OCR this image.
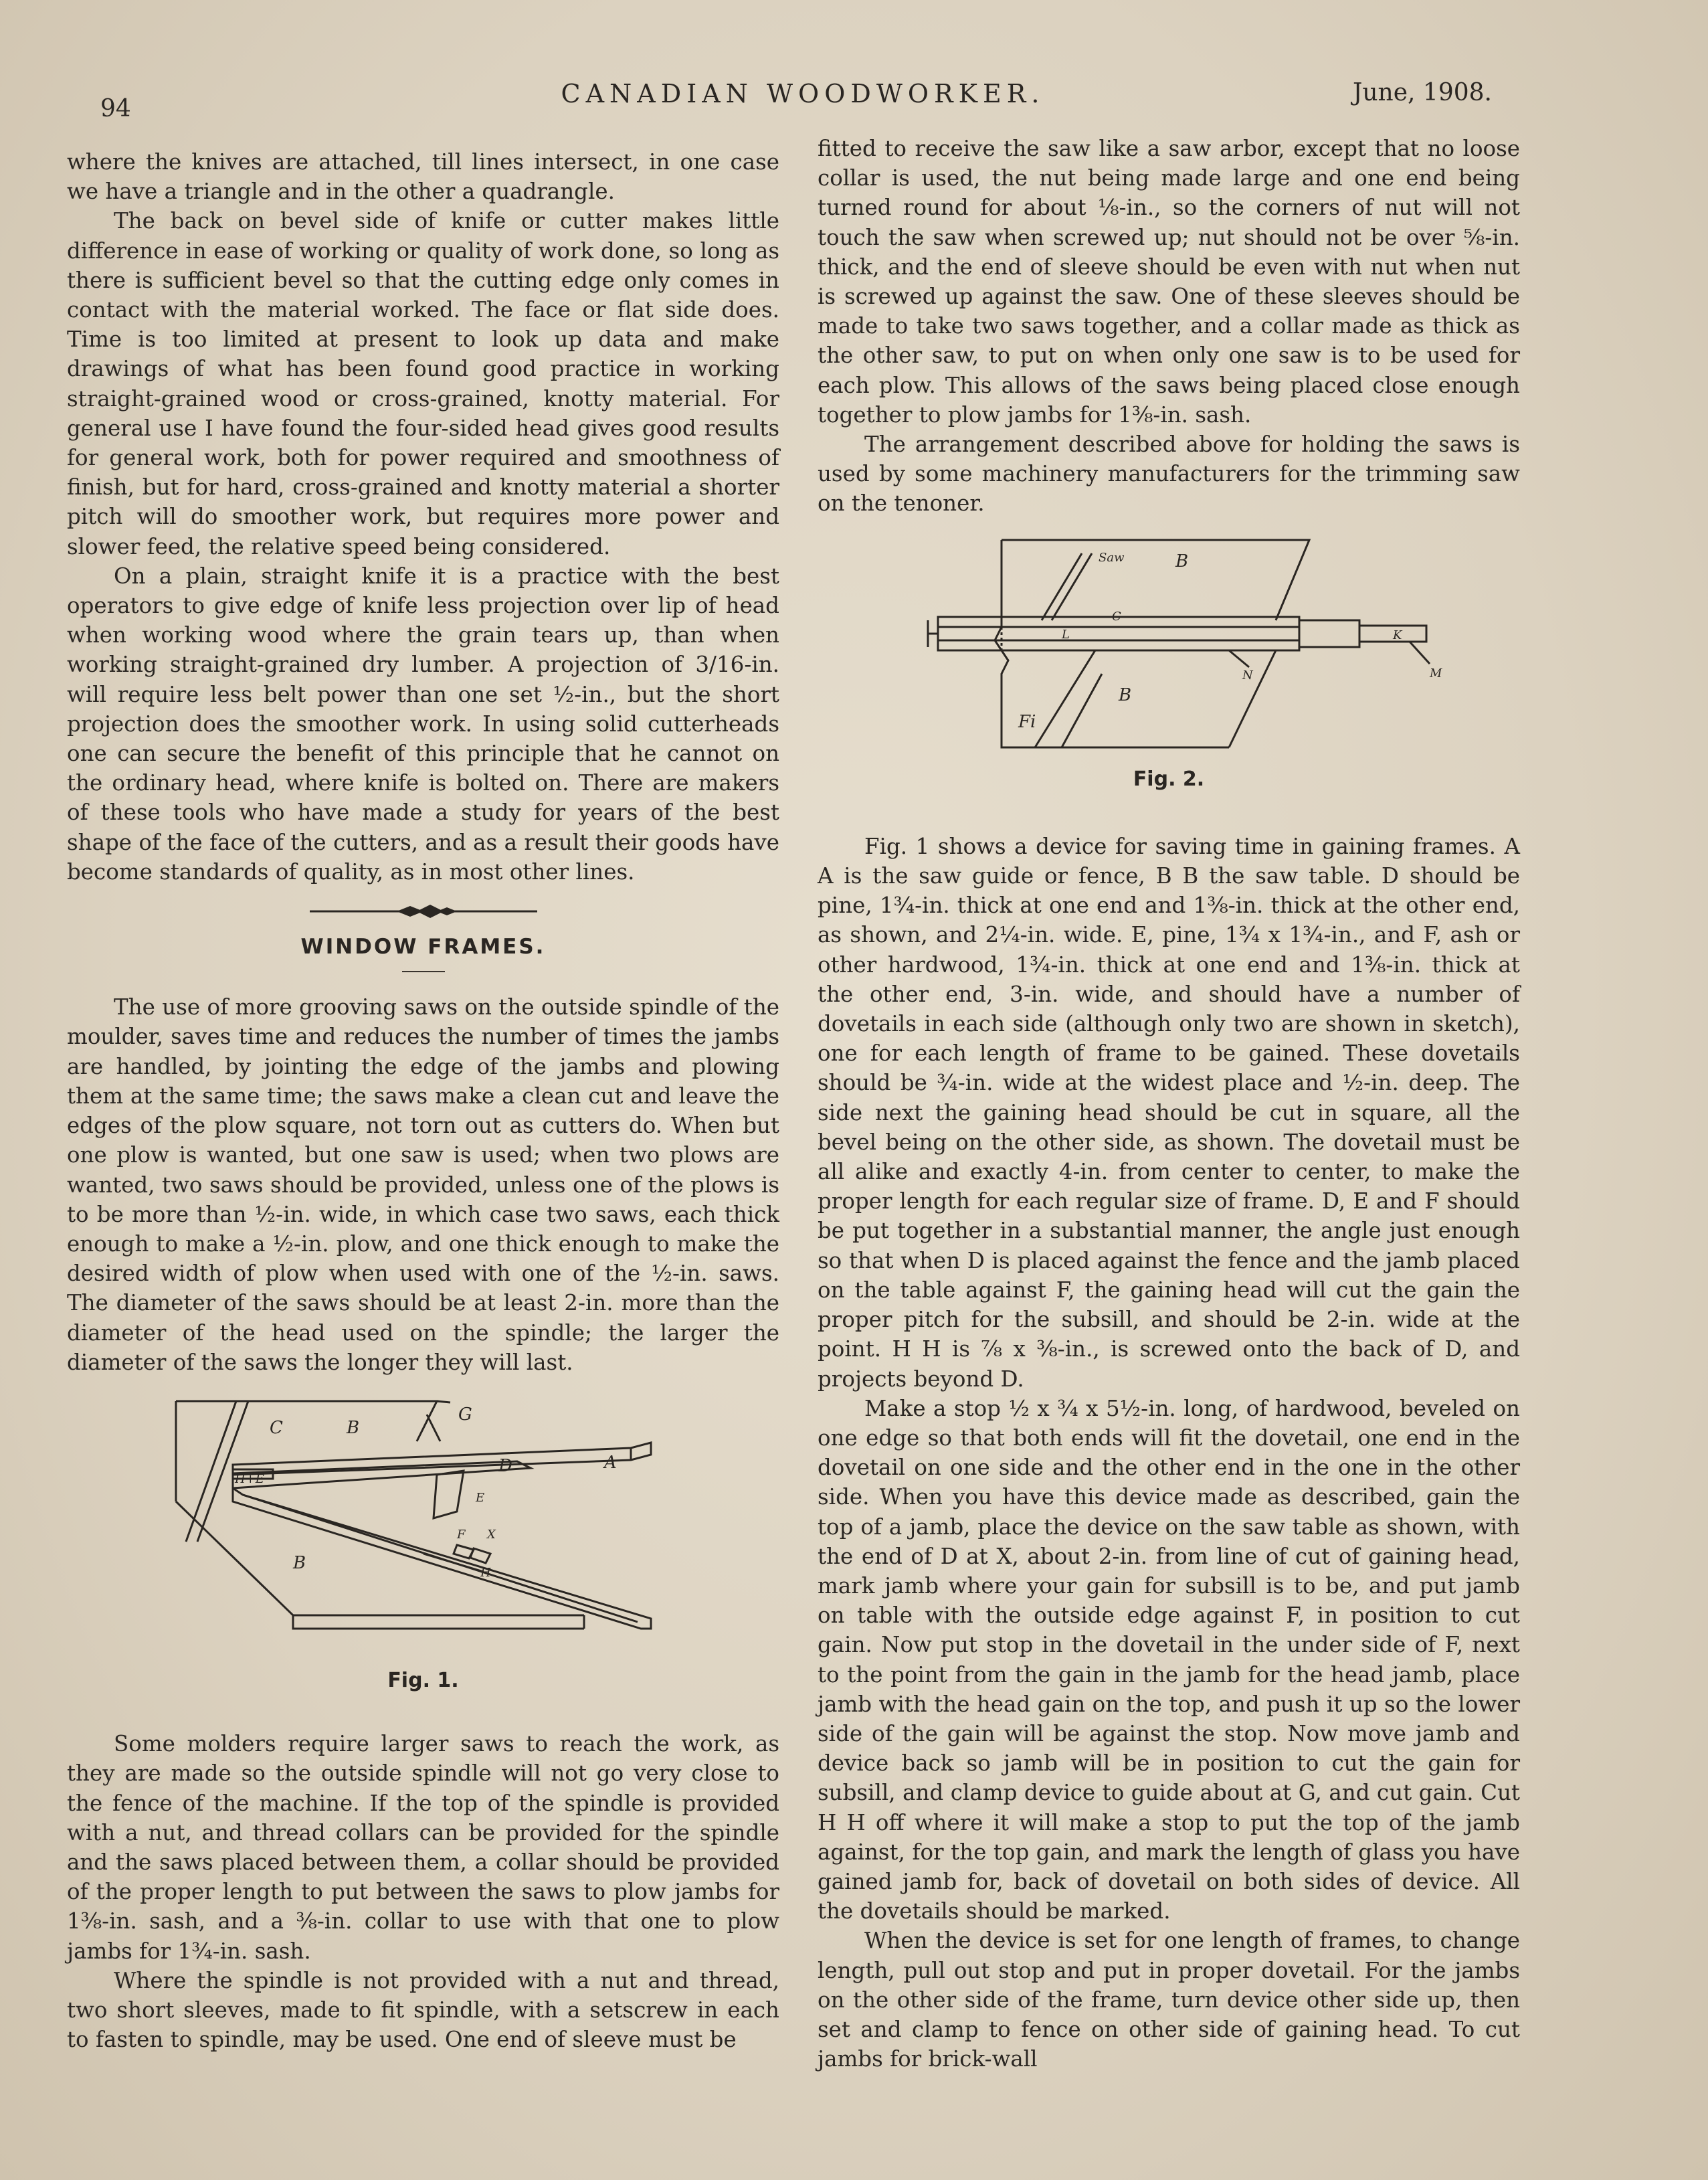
94
CANADIAN WOODWORKER.	June, 1908.

where the knives are attached, till lines intersect, in one case we have a triangle and in the other a quadrangle.

The back on bevel side of knife or cutter makes little difference in ease of working or quality of work done, so long as there is sufficient bevel so that the cutting edge only comes in contact with the material worked. The face or flat side does. Time is too limited at present to look up data and make drawings of what has been found good practice in working straight-grained wood or cross-grained, knotty material. For general use I have found the four-sided head gives good results for general work, both for power required and smoothness of finish, but for hard, cross-grained and knotty material a shorter pitch will do smoother work, but requires more power and slower feed, the relative speed being considered.

On a plain, straight knife it is a practice with the best operators to give edge of knife less projection over lip of head when working wood where the grain tears up, than when working straight-grained dry lumber. A projection of 3/16-in. will require less belt power than one set ½-in., but the short projection does the smoother work. In using solid cutterheads one can secure the benefit of this principle that he cannot on the ordinary head, where knife is bolted on. There are makers of these tools who have made a study for years of the best shape of the face of the cutters, and as a result their goods have become standards of quality, as in most other lines.

WINDOW FRAMES.

The use of more grooving saws on the outside spindle of the moulder, saves time and reduces the number of times the jambs are handled, by jointing the edge of the jambs and plowing them at the same time; the saws make a clean cut and leave the edges of the plow square, not torn out as cutters do. When but one plow is wanted, but one saw is used; when two plows are wanted, two saws should be provided, unless one of the plows is to be more than ½-in. wide, in which case two saws, each thick enough to make a ½-in. plow, and one thick enough to make the desired width of plow when used with one of the ½-in. saws. The diameter of the saws should be at least 2-in. more than the diameter of the head used on the spindle; the larger the diameter of the saws the longer they will last.

C	B
G
D	A
E
F
B
H+E
X
H
Fig. 1.

Some molders require larger saws to reach the work, as they are made so the outside spindle will not go very close to the fence of the machine. If the top of the spindle is provided with a nut, and thread collars can be provided for the spindle and the saws placed between them, a collar should be provided of the proper length to put between the saws to plow jambs for 1⅜-in. sash, and a ⅜-in. collar to use with that one to plow jambs for 1¾-in. sash.

Where the spindle is not provided with a nut and thread, two short sleeves, made to fit spindle, with a setscrew in each to fasten to spindle, may be used. One end of sleeve must be

fitted to receive the saw like a saw arbor, except that no loose collar is used, the nut being made large and one end being turned round for about ⅛-in., so the corners of nut will not touch the saw when screwed up; nut should not be over ⅝-in. thick, and the end of sleeve should be even with nut when nut is screwed up against the saw. One of these sleeves should be made to take two saws together, and a collar made as thick as the other saw, to put on when only one saw is to be used for each plow. This allows of the saws being placed close enough together to plow jambs for 1⅜-in. sash.

The arrangement described above for holding the saws is used by some machinery manufacturers for the trimming saw on the tenoner.

Saw	B
B
Fi
L
N	M
K
C
Fig. 2.

Fig. 1 shows a device for saving time in gaining frames. A A is the saw guide or fence, B B the saw table. D should be pine, 1¾-in. thick at one end and 1⅜-in. thick at the other end, as shown, and 2¼-in. wide. E, pine, 1¾ x 1¾-in., and F, ash or other hardwood, 1¾-in. thick at one end and 1⅜-in. thick at the other end, 3-in. wide, and should have a number of dovetails in each side (although only two are shown in sketch), one for each length of frame to be gained. These dovetails should be ¾-in. wide at the widest place and ½-in. deep. The side next the gaining head should be cut in square, all the bevel being on the other side, as shown. The dovetail must be all alike and exactly 4-in. from center to center, to make the proper length for each regular size of frame. D, E and F should be put together in a substantial manner, the angle just enough so that when D is placed against the fence and the jamb placed on the table against F, the gaining head will cut the gain the proper pitch for the subsill, and should be 2-in. wide at the point. H H is ⅞ x ⅜-in., is screwed onto the back of D, and projects beyond D.

Make a stop ½ x ¾ x 5½-in. long, of hardwood, beveled on one edge so that both ends will fit the dovetail, one end in the dovetail on one side and the other end in the one in the other side. When you have this device made as described, gain the top of a jamb, place the device on the saw table as shown, with the end of D at X, about 2-in. from line of cut of gaining head, mark jamb where your gain for subsill is to be, and put jamb on table with the outside edge against F, in position to cut gain. Now put stop in the dovetail in the under side of F, next to the point from the gain in the jamb for the head jamb, place jamb with the head gain on the top, and push it up so the lower side of the gain will be against the stop. Now move jamb and device back so jamb will be in position to cut the gain for subsill, and clamp device to guide about at G, and cut gain. Cut H H off where it will make a stop to put the top of the jamb against, for the top gain, and mark the length of glass you have gained jamb for, back of dovetail on both sides of device. All the dovetails should be marked.

When the device is set for one length of frames, to change length, pull out stop and put in proper dovetail. For the jambs on the other side of the frame, turn device other side up, then set and clamp to fence on other side of gaining head. To cut jambs for brick-wall
